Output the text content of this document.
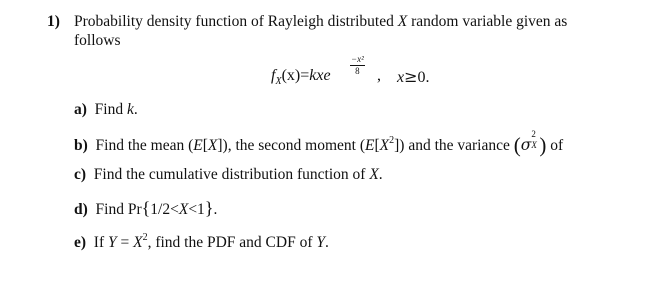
1) Probability density function of Rayleigh distributed X random variable given as
follows
$f_X(x)=kxe$
−x²
8	, x≥0.
a)  Find k.
b)  Find the mean (E[X]), the second moment $(E[X^2])$ and the variance (σ
2
X ) of
c)  Find the cumulative distribution function of X.
d)  Find Pr{1/2<X<1}.
e)  If $Y = X^2$, find the PDF and CDF of Y.
